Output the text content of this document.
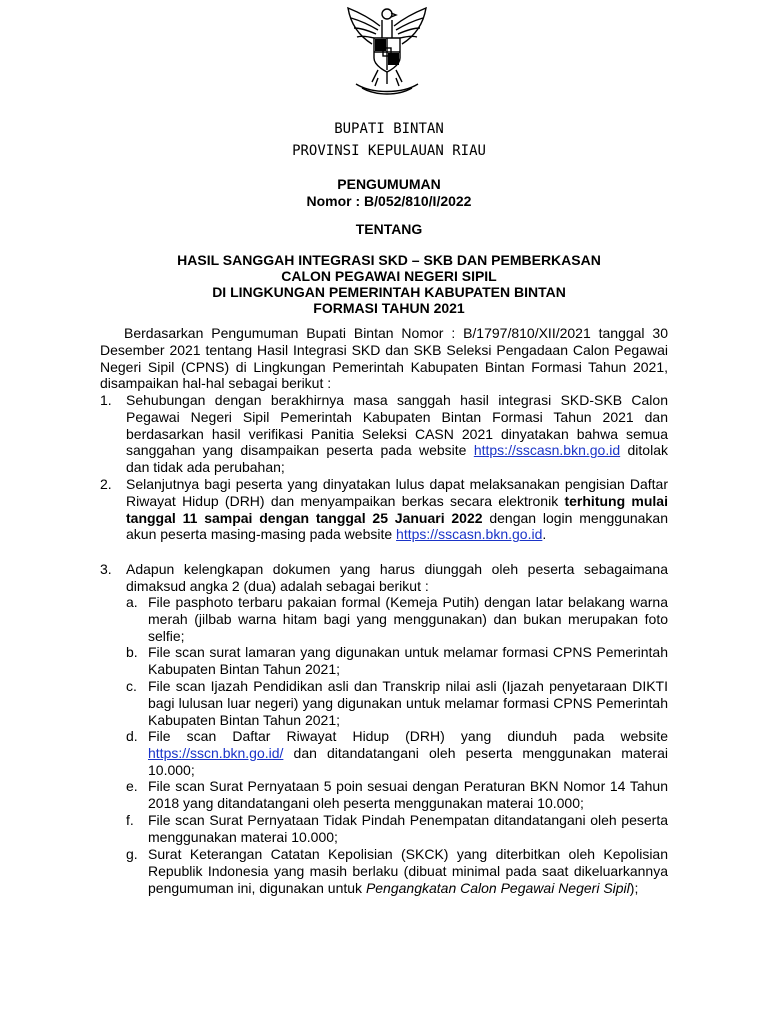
BUPATI BINTAN
PROVINSI KEPULAUAN RIAU
PENGUMUMAN
Nomor : B/052/810/I/2022
TENTANG
HASIL SANGGAH INTEGRASI SKD – SKB DAN PEMBERKASAN
CALON PEGAWAI NEGERI SIPIL
DI LINGKUNGAN PEMERINTAH KABUPATEN BINTAN
FORMASI TAHUN 2021
Berdasarkan Pengumuman Bupati Bintan Nomor : B/1797/810/XII/2021 tanggal 30 Desember 2021 tentang Hasil Integrasi SKD dan SKB Seleksi Pengadaan Calon Pegawai Negeri Sipil (CPNS) di Lingkungan Pemerintah Kabupaten Bintan Formasi Tahun 2021, disampaikan hal-hal sebagai berikut :
1. Sehubungan dengan berakhirnya masa sanggah hasil integrasi SKD-SKB Calon Pegawai Negeri Sipil Pemerintah Kabupaten Bintan Formasi Tahun 2021 dan berdasarkan hasil verifikasi Panitia Seleksi CASN 2021 dinyatakan bahwa semua sanggahan yang disampaikan peserta pada website https://sscasn.bkn.go.id ditolak dan tidak ada perubahan;
2. Selanjutnya bagi peserta yang dinyatakan lulus dapat melaksanakan pengisian Daftar Riwayat Hidup (DRH) dan menyampaikan berkas secara elektronik terhitung mulai tanggal 11 sampai dengan tanggal 25 Januari 2022 dengan login menggunakan akun peserta masing-masing pada website https://sscasn.bkn.go.id.
3. Adapun kelengkapan dokumen yang harus diunggah oleh peserta sebagaimana dimaksud angka 2 (dua) adalah sebagai berikut :
a. File pasphoto terbaru pakaian formal (Kemeja Putih) dengan latar belakang warna merah (jilbab warna hitam bagi yang menggunakan) dan bukan merupakan foto selfie;
b. File scan surat lamaran yang digunakan untuk melamar formasi CPNS Pemerintah Kabupaten Bintan Tahun 2021;
c. File scan Ijazah Pendidikan asli dan Transkrip nilai asli (Ijazah penyetaraan DIKTI bagi lulusan luar negeri) yang digunakan untuk melamar formasi CPNS Pemerintah Kabupaten Bintan Tahun 2021;
d. File scan Daftar Riwayat Hidup (DRH) yang diunduh pada website https://sscn.bkn.go.id/ dan ditandatangani oleh peserta menggunakan materai 10.000;
e. File scan Surat Pernyataan 5 poin sesuai dengan Peraturan BKN Nomor 14 Tahun 2018 yang ditandatangani oleh peserta menggunakan materai 10.000;
f. File scan Surat Pernyataan Tidak Pindah Penempatan ditandatangani oleh peserta menggunakan materai 10.000;
g. Surat Keterangan Catatan Kepolisian (SKCK) yang diterbitkan oleh Kepolisian Republik Indonesia yang masih berlaku (dibuat minimal pada saat dikeluarkannya pengumuman ini, digunakan untuk Pengangkatan Calon Pegawai Negeri Sipil);
